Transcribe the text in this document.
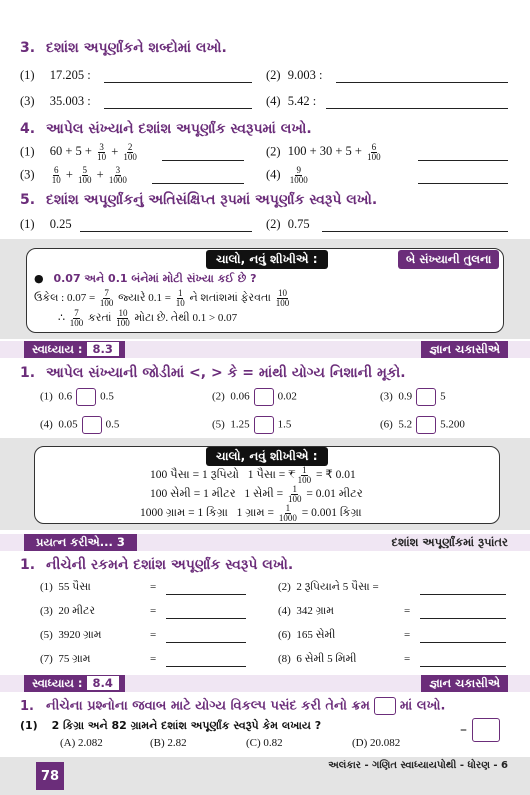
3. દશાંશ અપૂર્ણાંકને શબ્દોમાં લખો.
(1) 17.205 :	(2) 9.003 :
(3) 35.003 :	(4) 5.42 :
4. આપેલ સંખ્યાને દશાંશ અપૂર્ણાંક સ્વરૂપમાં લખો.
(1) $60 + 5 + \frac{3}{10} + \frac{2}{100}$	(2) $100 + 30 + 5 + \frac{6}{100}$
$(3) \frac{6}{10} + \frac{5}{100} + \frac{3}{1000}$	$(4) \frac{9}{1000}$
5. દશાંશ અપૂર્ણાંકનું અતિસંક્ષિપ્ત રૂપમાં અપૂર્ણાંક સ્વરૂપે લખો.
(1) 0.25	(2) 0.75
ચાલો, નવું શીખીએ :	બે સંખ્યાની તુલના
● 0.07 અને 0.1 બંનેમાં મોટી સંખ્યા કઈ છે ?
ઉકેલ : $0.07 = \frac{7}{100}$ જ્યારે $0.1 = \frac{1}{10}$ ને શતાંશમાં ફેરવતા $\frac{10}{100}$
∴ $\frac{7}{100}$ કરતાં $\frac{10}{100}$ મોટા છે. તેથી 0.1 > 0.07
સ્વાધ્યાય : 8.3	જ્ઞાન ચકાસીએ
1. આપેલ સંખ્યાની જોડીમાં <, > કે = માંથી યોગ્ય નિશાની મૂકો.
(1) 0.6	0.5	(2) 0.06	0.02	(3) 0.9	5
(4) 0.05	0.5	(5) 1.25	1.5	(6) 5.2	5.200
ચાલો, નવું શીખીએ :
100 પૈસા = 1 રૂપિયો 1 પૈસા = ₹ $\frac{1}{100}$ = ₹ 0.01
100 સેમી = 1 મીટર 1 સેમી = $\frac{1}{100} = 0.01$ મીટર
1000 ગ્રામ = 1 કિગ્રા 1 ગ્રામ = $\frac{1}{1000} = 0.001$ કિગ્રા
પ્રયત્ન કરીએ... 3	દશાંશ અપૂર્ણાંકમાં રૂપાંતર
1. નીચેની રકમને દશાંશ અપૂર્ણાંક સ્વરૂપે લખો.
(1) 55 પૈસા	=	(2) 2 રૂપિયાને 5 પૈસા =
(3) 20 મીટર	=	(4) 342 ગ્રામ	=
(5) 3920 ગ્રામ	=	(6) 165 સેમી	=
(7) 75 ગ્રામ	=	(8) 6 સેમી 5 મિમી	=
સ્વાધ્યાય : 8.4	જ્ઞાન ચકાસીએ
1. નીચેના પ્રશ્નોના જવાબ માટે યોગ્ય વિકલ્પ પસંદ કરી તેનો ક્રમ માં લખો.
(1) 2 કિગ્રા અને 82 ગ્રામને દશાંશ અપૂર્ણાંક સ્વરૂપે કેમ લખાય ?
(A) 2.082	(B) 2.82	(C) 0.82	(D) 20.082
–
78
અલંકાર - ગણિત સ્વાધ્યાયપોથી - ધોરણ - 6
